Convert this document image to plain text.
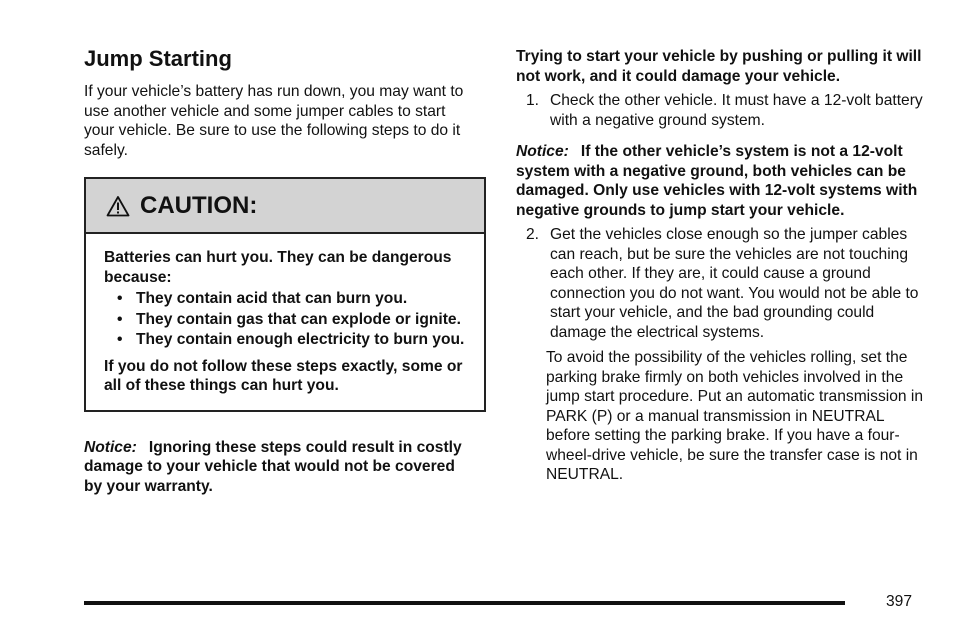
Jump Starting

If your vehicle’s battery has run down, you may want to use another vehicle and some jumper cables to start your vehicle. Be sure to use the following steps to do it safely.

CAUTION:

Batteries can hurt you. They can be dangerous because:

• They contain acid that can burn you.
• They contain gas that can explode or ignite.
• They contain enough electricity to burn you.

If you do not follow these steps exactly, some or all of these things can hurt you.

Notice: Ignoring these steps could result in costly damage to your vehicle that would not be covered by your warranty.

Trying to start your vehicle by pushing or pulling it will not work, and it could damage your vehicle.

1. Check the other vehicle. It must have a 12-volt battery with a negative ground system.

Notice: If the other vehicle’s system is not a 12-volt system with a negative ground, both vehicles can be damaged. Only use vehicles with 12-volt systems with negative grounds to jump start your vehicle.

2. Get the vehicles close enough so the jumper cables can reach, but be sure the vehicles are not touching each other. If they are, it could cause a ground connection you do not want. You would not be able to start your vehicle, and the bad grounding could damage the electrical systems.

To avoid the possibility of the vehicles rolling, set the parking brake firmly on both vehicles involved in the jump start procedure. Put an automatic transmission in PARK (P) or a manual transmission in NEUTRAL before setting the parking brake. If you have a four-wheel-drive vehicle, be sure the transfer case is not in NEUTRAL.

397
